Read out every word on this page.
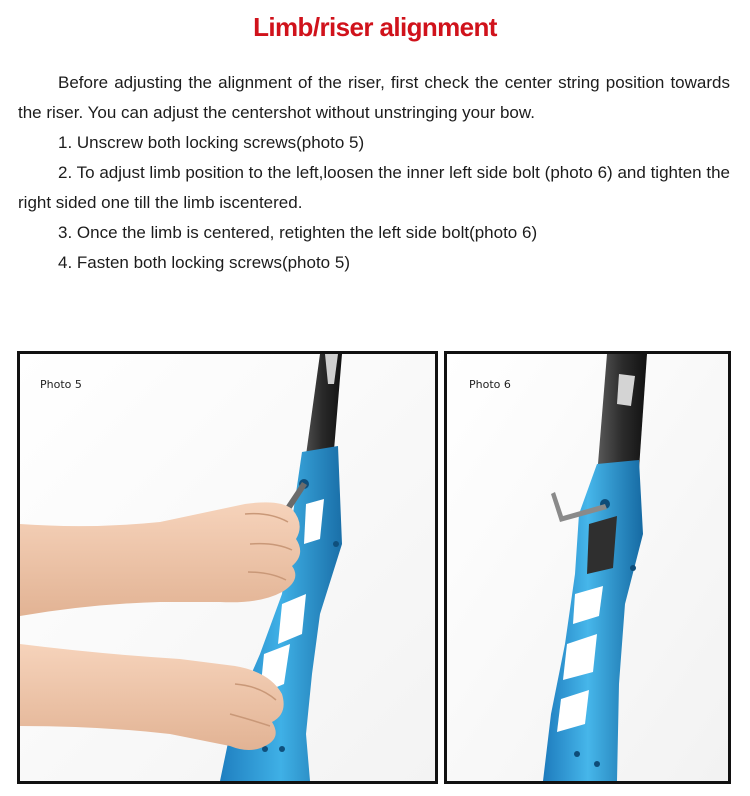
Limb/riser alignment

Before adjusting the alignment of the riser, first check the center string position towards the riser. You can adjust the centershot without unstringing your bow.

1. Unscrew both locking screws(photo 5)

2. To adjust limb position to the left,loosen the inner left side bolt (photo 6) and tighten the right sided one till the limb iscentered.

3. Once the limb is centered, retighten the left side bolt(photo 6)

4. Fasten both locking screws(photo 5)

Photo 5	Photo 6
